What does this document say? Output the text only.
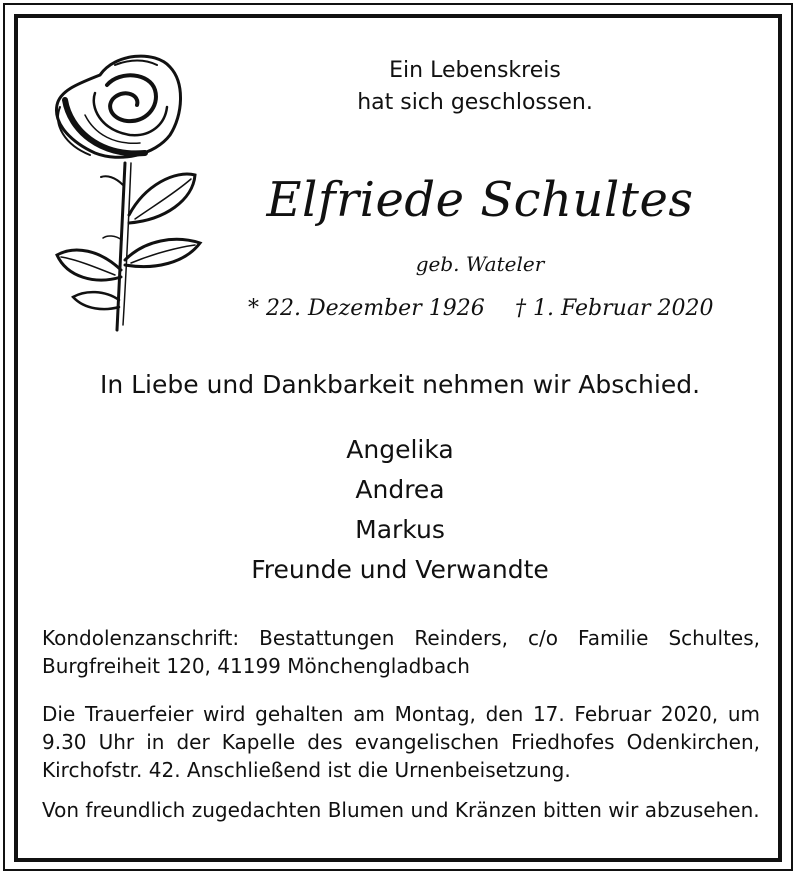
Ein Lebenskreis
hat sich geschlossen.
Elfriede Schultes
geb. Wateler
* 22. Dezember 1926 † 1. Februar 2020
In Liebe und Dankbarkeit nehmen wir Abschied.
Angelika
Andrea
Markus
Freunde und Verwandte
Kondolenzanschrift: Bestattungen Reinders, c/o Familie Schultes, Burgfreiheit 120, 41199 Mönchengladbach
Die Trauerfeier wird gehalten am Montag, den 17. Februar 2020, um 9.30 Uhr in der Kapelle des evangelischen Friedhofes Odenkirchen, Kirchofstr. 42. Anschließend ist die Urnenbeisetzung.
Von freundlich zugedachten Blumen und Kränzen bitten wir abzusehen.
